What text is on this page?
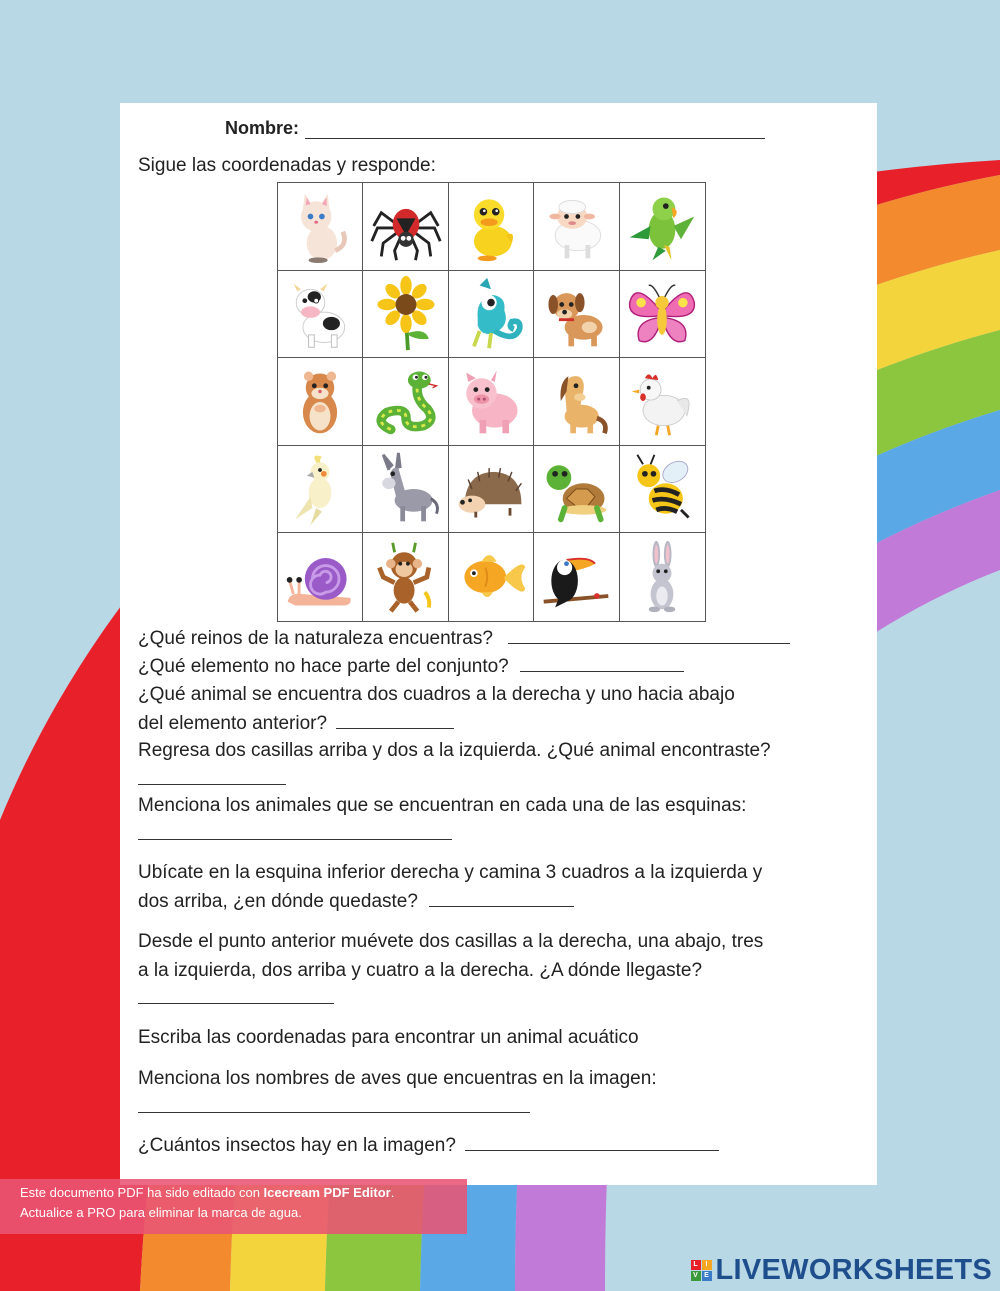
Nombre:
Sigue las coordenadas y responde:
¿Qué reinos de la naturaleza encuentras?
¿Qué elemento no hace parte del conjunto?
¿Qué animal se encuentra dos cuadros a la derecha y uno hacia abajo
del elemento anterior?
Regresa dos casillas arriba y dos a la izquierda. ¿Qué animal encontraste?
Menciona los animales que se encuentran en cada una de las esquinas:
Ubícate en la esquina inferior derecha y camina 3 cuadros a la izquierda y
dos arriba, ¿en dónde quedaste?
Desde el punto anterior muévete dos casillas a la derecha, una abajo, tres
a la izquierda, dos arriba y cuatro a la derecha. ¿A dónde llegaste?
Escriba las coordenadas para encontrar un animal acuático
Menciona los nombres de aves que encuentras en la imagen:
¿Cuántos insectos hay en la imagen?
Este documento PDF ha sido editado con Icecream PDF Editor.
Actualice a PRO para eliminar la marca de agua.
L	I
V E LIVEWORKSHEETS
